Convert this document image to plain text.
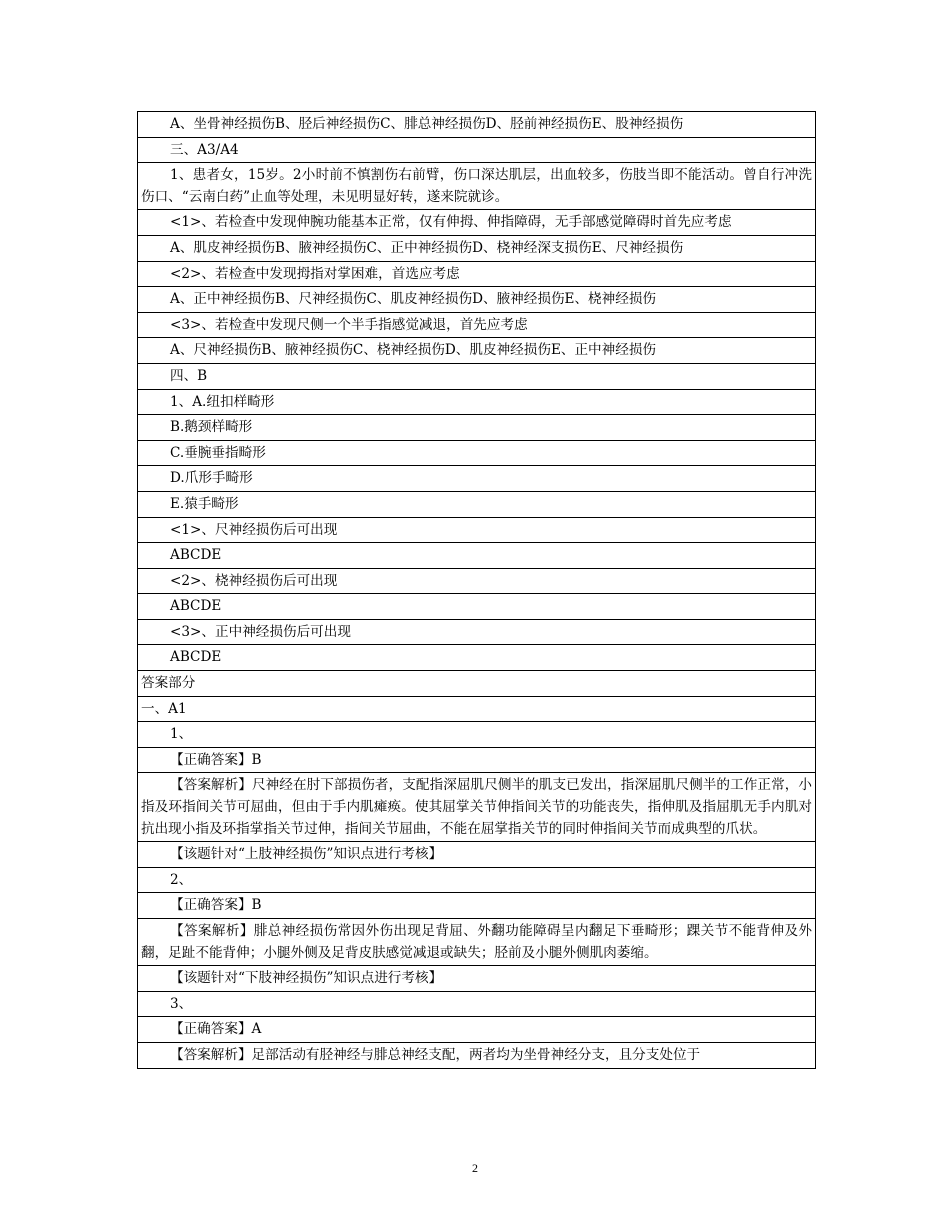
A、坐骨神经损伤B、胫后神经损伤C、腓总神经损伤D、胫前神经损伤E、股神经损伤
三、A3/A4
1、患者女，15岁。2小时前不慎割伤右前臂，伤口深达肌层，出血较多，伤肢当即不能活动。曾自行冲洗伤口、“云南白药”止血等处理，未见明显好转，遂来院就诊。
<1>、若检查中发现伸腕功能基本正常，仅有伸拇、伸指障碍，无手部感觉障碍时首先应考虑
A、肌皮神经损伤B、腋神经损伤C、正中神经损伤D、桡神经深支损伤E、尺神经损伤
<2>、若检查中发现拇指对掌困难，首选应考虑
A、正中神经损伤B、尺神经损伤C、肌皮神经损伤D、腋神经损伤E、桡神经损伤
<3>、若检查中发现尺侧一个半手指感觉减退，首先应考虑
A、尺神经损伤B、腋神经损伤C、桡神经损伤D、肌皮神经损伤E、正中神经损伤
四、B
1、A.纽扣样畸形
B.鹅颈样畸形
C.垂腕垂指畸形
D.爪形手畸形
E.猿手畸形
<1>、尺神经损伤后可出现
ABCDE
<2>、桡神经损伤后可出现
ABCDE
<3>、正中神经损伤后可出现
ABCDE
答案部分
一、A1
1、
【正确答案】B
【答案解析】尺神经在肘下部损伤者，支配指深屈肌尺侧半的肌支已发出，指深屈肌尺侧半的工作正常，小指及环指间关节可屈曲，但由于手内肌瘫痪。使其屈掌关节伸指间关节的功能丧失，指伸肌及指屈肌无手内肌对抗出现小指及环指掌指关节过伸，指间关节屈曲，不能在屈掌指关节的同时伸指间关节而成典型的爪状。
【该题针对“上肢神经损伤”知识点进行考核】
2、
【正确答案】B
【答案解析】腓总神经损伤常因外伤出现足背屈、外翻功能障碍呈内翻足下垂畸形；踝关节不能背伸及外翻，足趾不能背伸；小腿外侧及足背皮肤感觉减退或缺失；胫前及小腿外侧肌肉萎缩。
【该题针对“下肢神经损伤”知识点进行考核】
3、
【正确答案】A
【答案解析】足部活动有胫神经与腓总神经支配，两者均为坐骨神经分支，且分支处位于
2
